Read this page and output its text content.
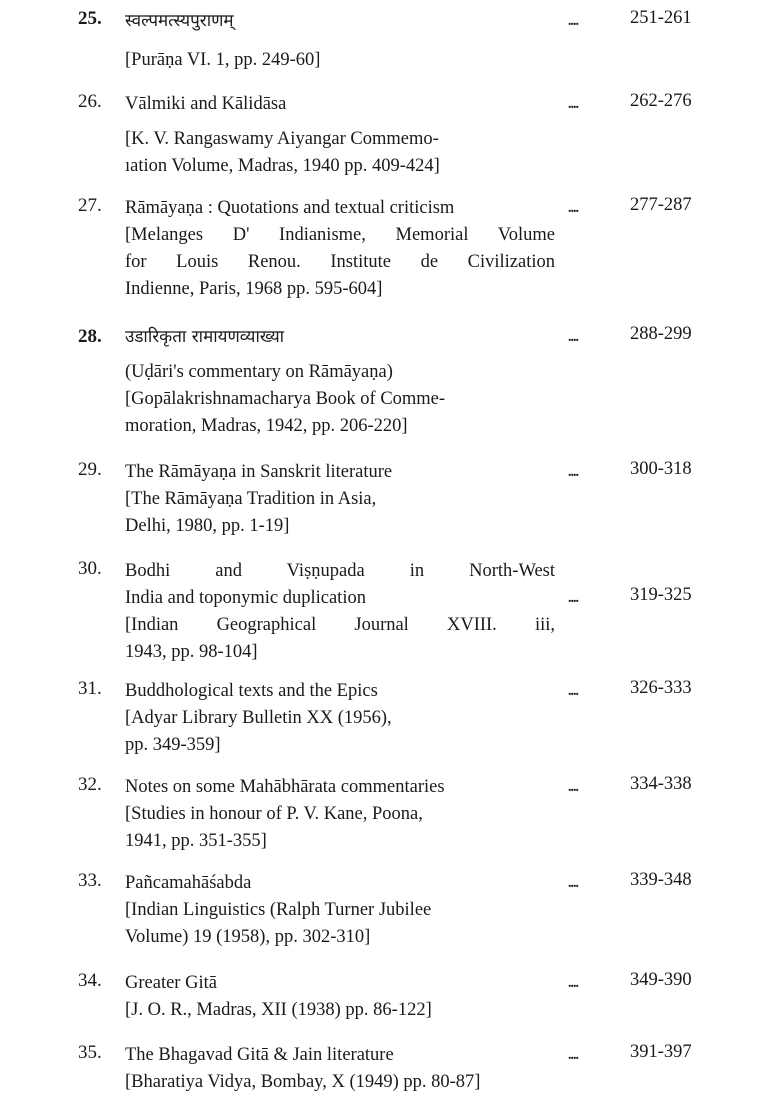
25. स्वल्पमत्स्यपुराणम्
[Purāṇa VI. 1, pp. 249-60]
....	251-261
26. Vālmiki and Kālidāsa
[K. V. Rangaswamy Aiyangar Commemo-
ıation Volume, Madras, 1940 pp. 409-424]
....	262-276
27. Rāmāyaṇa : Quotations and textual criticism
[Melanges D' Indianisme, Memorial Volume
for Louis Renou. Institute de Civilization
Indienne, Paris, 1968 pp. 595-604]
....	277-287
28. उडारिकृता रामायणव्याख्या
(Uḍāri's commentary on Rāmāyaṇa)
[Gopālakrishnamacharya Book of Comme-
moration, Madras, 1942, pp. 206-220]
....	288-299
29. The Rāmāyaṇa in Sanskrit literature
[The Rāmāyaṇa Tradition in Asia,
Delhi, 1980, pp. 1-19]
....	300-318
30. Bodhi and Viṣṇupada in North-West
India and toponymic duplication
[Indian Geographical Journal XVIII. iii,
1943, pp. 98-104]
....	319-325
31. Buddhological texts and the Epics
[Adyar Library Bulletin XX (1956),
pp. 349-359]
....	326-333
32. Notes on some Mahābhārata commentaries
[Studies in honour of P. V. Kane, Poona,
1941, pp. 351-355]
....	334-338
33. Pañcamahāśabda
[Indian Linguistics (Ralph Turner Jubilee
Volume) 19 (1958), pp. 302-310]
....	339-348
34. Greater Gitā
[J. O. R., Madras, XII (1938) pp. 86-122]
....	349-390
35. The Bhagavad Gitā & Jain literature
[Bharatiya Vidya, Bombay, X (1949) pp. 80-87]
....	391-397
